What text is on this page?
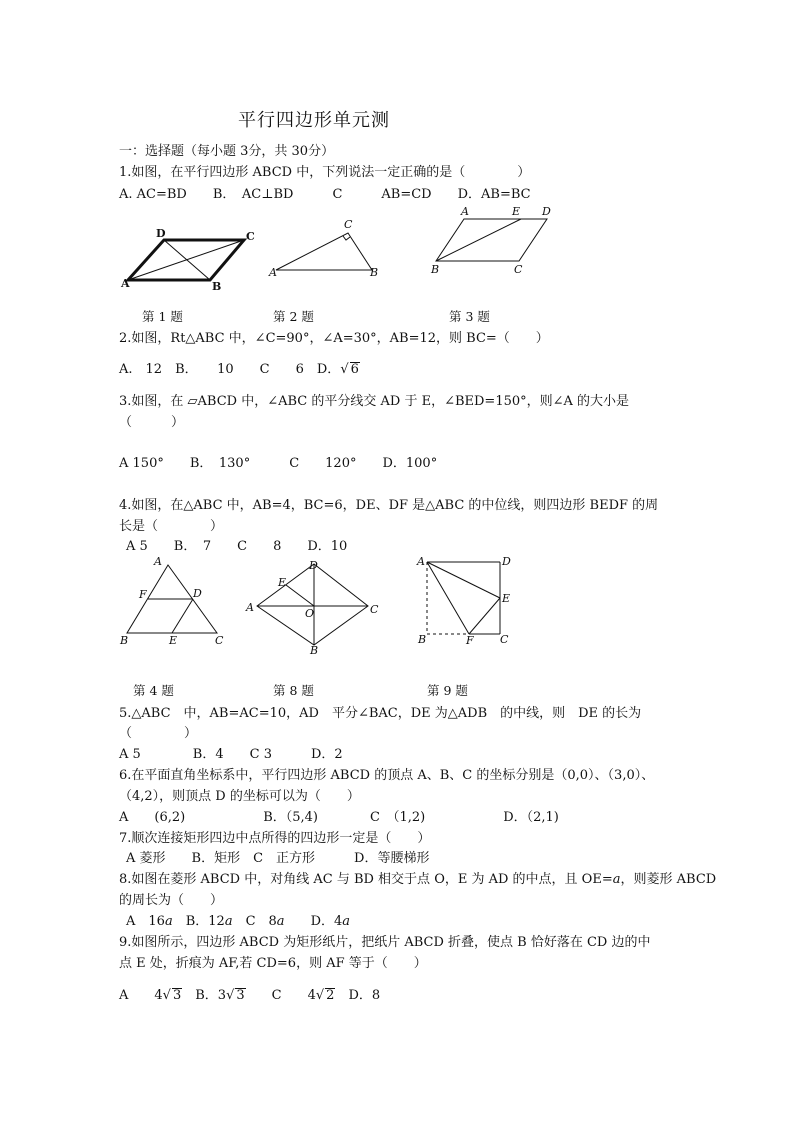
平行四边形单元测
一：选择题（每小题 3分，共 30分）
1.如图，在平行四边形 ABCD 中，下列说法一定正确的是（　　　　）
A. AC=BD　　B．　AC⊥BD　　　C　　　AB=CD　　D．AB=BC
D	C
A	B
C
A	B
A	E D
B	C
第 1 题	第 2 题	第 3 题
2.如图，Rt△ABC 中，∠C=90°，∠A=30°，AB=12，则 BC=（　　）
A.　12　B．　　10　　C　　6　D．√ 6
3.如图，在 ▱ABCD 中，∠ABC 的平分线交 AD 于 E，∠BED=150°，则∠A 的大小是
（　　　）
A 150°　　B．　130°　　　C　　120°　　D．100°
4.如图，在△ABC 中，AB=4，BC=6，DE、DF 是△ABC 的中位线，则四边形 BEDF 的周
长是（　　　　）
A 5　　B．　7　　C　　8　　D．10
A
F	D
B	E	C
E
D
A	O	C
B
A	D
E
B	F C
第 4 题	第 8 题	第 9 题
5.△ABC　中，AB=AC=10，AD　平分∠BAC，DE 为△ADB　的中线，则　DE 的长为
（　　　　）
A 5　　　　B．4　　C 3　　　D．2
6.在平面直角坐标系中，平行四边形 ABCD 的顶点 A、B、C 的坐标分别是（0,0）、（3,0）、
（4,2），则顶点 D 的坐标可以为（　　）
A　　(6,2)　　　　　　B．（5,4)　　　　C　（1,2)　　　　　　D．（2,1)
7.顺次连接矩形四边中点所得的四边形一定是（　　）
A 菱形　　B．矩形　C　正方形　　　D．等腰梯形
8.如图在菱形 ABCD 中，对角线 AC 与 BD 相交于点 O，E 为 AD 的中点，且 OE=a，则菱形 ABCD
的周长为（　　）
A　16a　B．12a　C　8a　　D．4a
9.如图所示，四边形 ABCD 为矩形纸片，把纸片 ABCD 折叠，使点 B 恰好落在 CD 边的中
点 E 处，折痕为 AF,若 CD=6，则 AF 等于（　　）
A　　4√ 3　B．3√ 3　　C　　4√ 2　D．8
